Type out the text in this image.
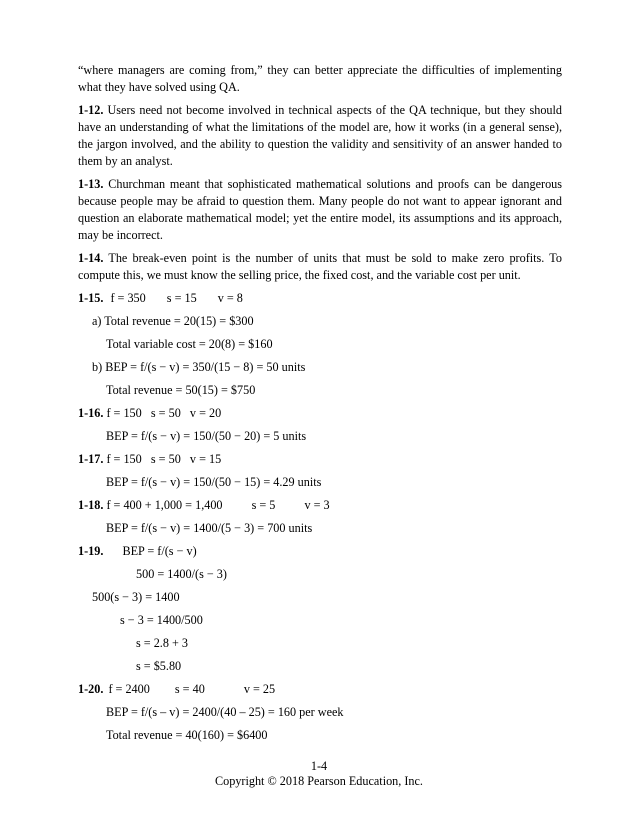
“where managers are coming from,” they can better appreciate the difficulties of implementing what they have solved using QA.

1-12. Users need not become involved in technical aspects of the QA technique, but they should have an understanding of what the limitations of the model are, how it works (in a general sense), the jargon involved, and the ability to question the validity and sensitivity of an answer handed to them by an analyst.

1-13. Churchman meant that sophisticated mathematical solutions and proofs can be dangerous because people may be afraid to question them. Many people do not want to appear ignorant and question an elaborate mathematical model; yet the entire model, its assumptions and its approach, may be incorrect.

1-14. The break-even point is the number of units that must be sold to make zero profits. To compute this, we must know the selling price, the fixed cost, and the variable cost per unit.

1-15. f = 350 s = 15 v = 8
a) Total revenue = 20(15) = $300
Total variable cost = 20(8) = $160
b) BEP = f/(s − v) = 350/(15 − 8) = 50 units
Total revenue = 50(15) = $750
1-16. f = 150   s = 50   v = 20
BEP = f/(s − v) = 150/(50 − 20) = 5 units
1-17. f = 150   s = 50   v = 15
BEP = f/(s − v) = 150/(50 − 15) = 4.29 units
1-18. f = 400 + 1,000 = 1,400 s = 5 v = 3
BEP = f/(s − v) = 1400/(5 − 3) = 700 units
1-19. BEP = f/(s − v)
500 = 1400/(s − 3)
500(s − 3) = 1400
s − 3 = 1400/500
s = 2.8 + 3
s = $5.80
1-20. f = 2400 s = 40	v = 25
BEP = f/(s – v) = 2400/(40 – 25) = 160 per week
Total revenue = 40(160) = $6400
1-4
Copyright © 2018 Pearson Education, Inc.
